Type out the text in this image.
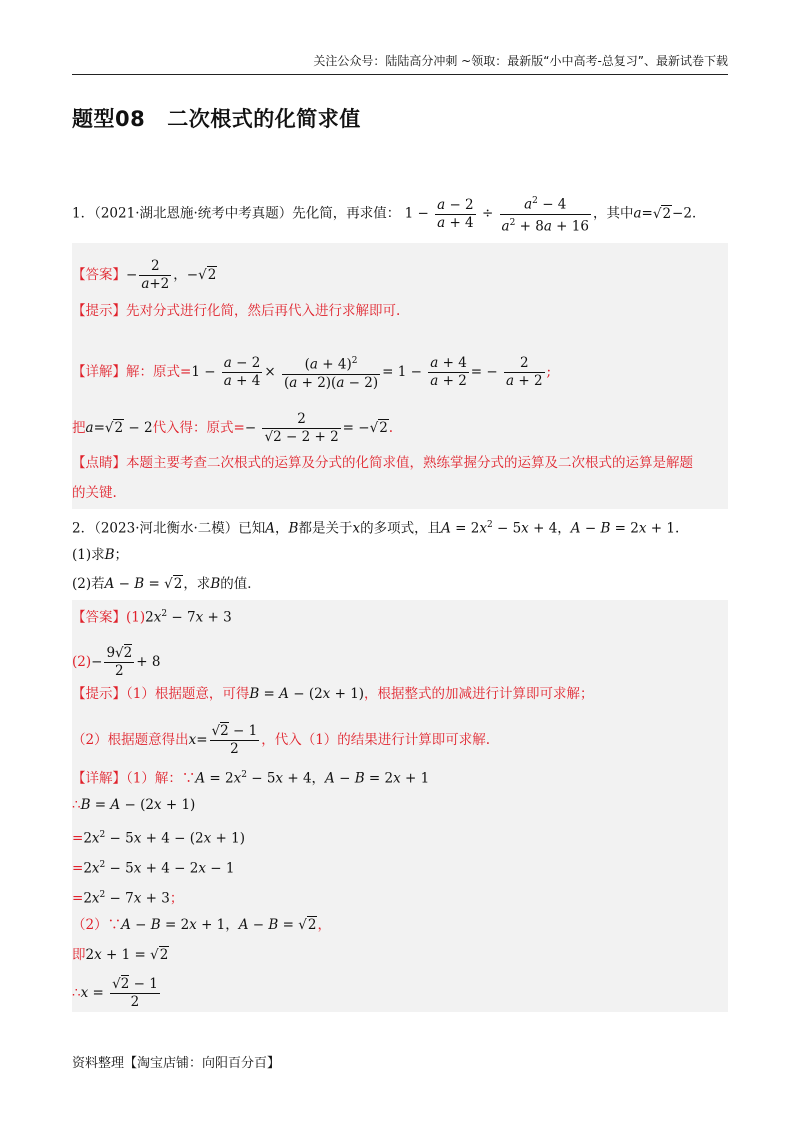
关注公众号：陆陆高分冲刺 ~领取：最新版“小中高考-总复习”、最新试卷下载
题型08 二次根式的化简求值
1．（2021·湖北恩施·统考中考真题）先化简，再求值： $1 - \frac{a - 2}{a + 4} \div \frac{a^2 - 4}{a^2 + 8a + 16}$ ，其中a=√2−2．
【答案】− $\frac{2}{a+2}$ ，−√2
【提示】先对分式进行化简，然后再代入进行求解即可.
【详解】解：原式$=1 - \frac{a - 2}{a + 4} \times \frac{(a + 4)^2}{(a + 2)(a - 2)} = 1 - \frac{a + 4}{a + 2}$ = − $\frac{2}{a + 2}$ ;
把a=√2 − 2代入得：原式=− $\frac{2}{√2 - 2 + 2} = -√2$.
【点睛】本题主要考查二次根式的运算及分式的化简求值，熟练掌握分式的运算及二次根式的运算是解题
的关键.
2．（2023·河北衡水·二模）已知A，B都是关于x的多项式，且$A = 2x^2 - 5x + 4$，A − B = 2x + 1.
(1)求B；
(2)若A − B = √2，求B的值．
【答案】$(1)2x^2 - 7x + 3$
$(2)- \frac{9√2}{2} + 8$
【提示】（1）根据题意，可得B = A − (2x + 1)，根据整式的加减进行计算即可求解；
（2）根据题意得出$x= \frac{√2 - 1}{2}$ ，代入（1）的结果进行计算即可求解.
【详解】（1）解：∵A = $2x^2 - 5x + 4$，A − B = 2x + 1
∴B = A − (2x + 1)
$=2x^2 - 5x + 4 - (2x + 1)$
$=2x^2 - 5x + 4 - 2x - 1$
$=2x^2 - 7x + 3$；
（2）∵A − B = 2x + 1，A − B = √2，
即2x + 1 = √2
∴x = $\frac{√2 - 1}{2}$
资料整理【淘宝店铺：向阳百分百】
